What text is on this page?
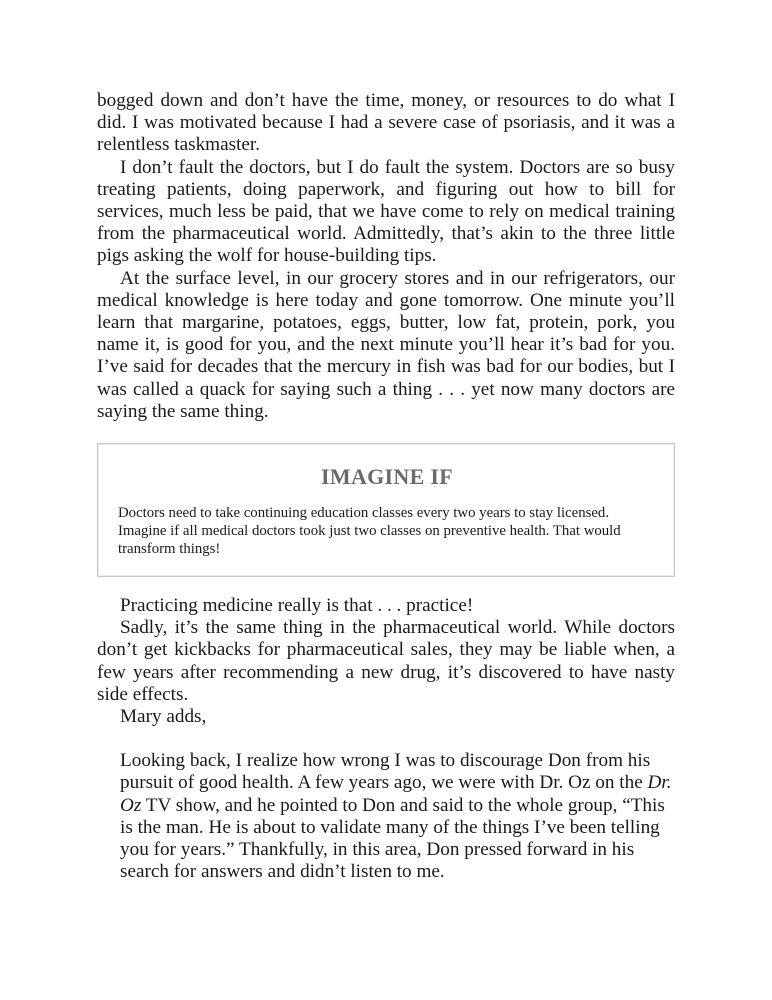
bogged down and don’t have the time, money, or resources to do what I did. I was motivated because I had a severe case of psoriasis, and it was a relentless taskmaster.

I don’t fault the doctors, but I do fault the system. Doctors are so busy treating patients, doing paperwork, and figuring out how to bill for services, much less be paid, that we have come to rely on medical training from the pharmaceutical world. Admittedly, that’s akin to the three little pigs asking the wolf for house-building tips.

At the surface level, in our grocery stores and in our refrigerators, our medical knowledge is here today and gone tomorrow. One minute you’ll learn that margarine, potatoes, eggs, butter, low fat, protein, pork, you name it, is good for you, and the next minute you’ll hear it’s bad for you. I’ve said for decades that the mercury in fish was bad for our bodies, but I was called a quack for saying such a thing . . . yet now many doctors are saying the same thing.

IMAGINE IF
Doctors need to take continuing education classes every two years to stay licensed. Imagine if all medical doctors took just two classes on preventive health. That would transform things!

Practicing medicine really is that . . . practice!

Sadly, it’s the same thing in the pharmaceutical world. While doctors don’t get kickbacks for pharmaceutical sales, they may be liable when, a few years after recommending a new drug, it’s discovered to have nasty side effects.

Mary adds,

Looking back, I realize how wrong I was to discourage Don from his pursuit of good health. A few years ago, we were with Dr. Oz on the Dr. Oz TV show, and he pointed to Don and said to the whole group, “This is the man. He is about to validate many of the things I’ve been telling you for years.” Thankfully, in this area, Don pressed forward in his search for answers and didn’t listen to me.
